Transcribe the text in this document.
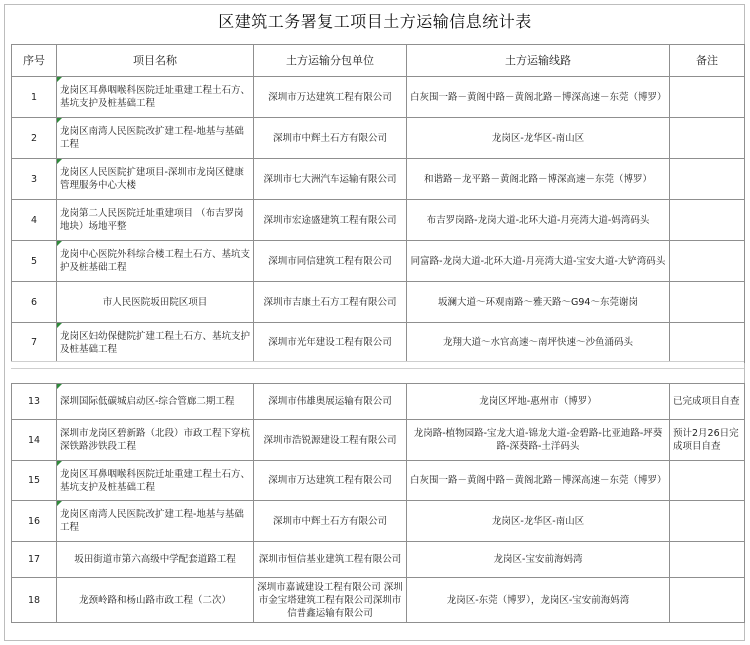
区建筑工务署复工项目土方运输信息统计表
序号	项目名称	土方运输分包单位	土方运输线路	备注
1	龙岗区耳鼻咽喉科医院迁址重建工程土石方、基坑支护及桩基础工程	深圳市万达建筑工程有限公司	白灰围一路－黄阁中路－黄阁北路－博深高速－东莞（博罗）	
2	龙岗区南湾人民医院改扩建工程-地基与基础工程	深圳市中辉土石方有限公司	龙岗区-龙华区-南山区	
3	龙岗区人民医院扩建项目-深圳市龙岗区健康管理服务中心大楼	深圳市七大洲汽车运输有限公司	和谐路－龙平路－黄阁北路－博深高速－东莞（博罗）	
4	龙岗第二人民医院迁址重建项目 （布吉罗岗地块）场地平整	深圳市宏途盛建筑工程有限公司	布吉罗岗路-龙岗大道-北环大道-月亮湾大道-妈湾码头	
5	龙岗中心医院外科综合楼工程土石方、基坑支护及桩基础工程	深圳市同信建筑工程有限公司	同富路-龙岗大道-北环大道-月亮湾大道-宝安大道-大铲湾码头	
6	市人民医院坂田院区项目	深圳市吉康土石方工程有限公司	坂澜大道～环观南路～雅天路～G94～东莞谢岗	
7	龙岗区妇幼保健院扩建工程土石方、基坑支护及桩基础工程	深圳市光年建设工程有限公司	龙翔大道～水官高速～南坪快速～沙鱼涌码头	
13	深圳国际低碳城启动区-综合管廊二期工程	深圳市伟雄奥展运输有限公司	龙岗区坪地-惠州市（博罗）	已完成项目自查
14	深圳市龙岗区碧新路（北段）市政工程下穿杭深铁路涉铁段工程	深圳市浩锐源建设工程有限公司	龙岗路-植物园路-宝龙大道-锦龙大道-金碧路-比亚迪路-坪葵路-深葵路-土洋码头	预计2月26日完成项目自查
15	龙岗区耳鼻咽喉科医院迁址重建工程土石方、基坑支护及桩基础工程	深圳市万达建筑工程有限公司	白灰围一路－黄阁中路－黄阁北路－博深高速－东莞（博罗）	
16	龙岗区南湾人民医院改扩建工程-地基与基础工程	深圳市中辉土石方有限公司	龙岗区-龙华区-南山区	
17	坂田街道市第六高级中学配套道路工程	深圳市恒信基业建筑工程有限公司	龙岗区-宝安前海妈湾	
18	龙颈岭路和杨山路市政工程（二次）	深圳市嘉诚建设工程有限公司 深圳市金宝塔建筑工程有限公司深圳市信普鑫运输有限公司	龙岗区-东莞（博罗），龙岗区-宝安前海妈湾	
